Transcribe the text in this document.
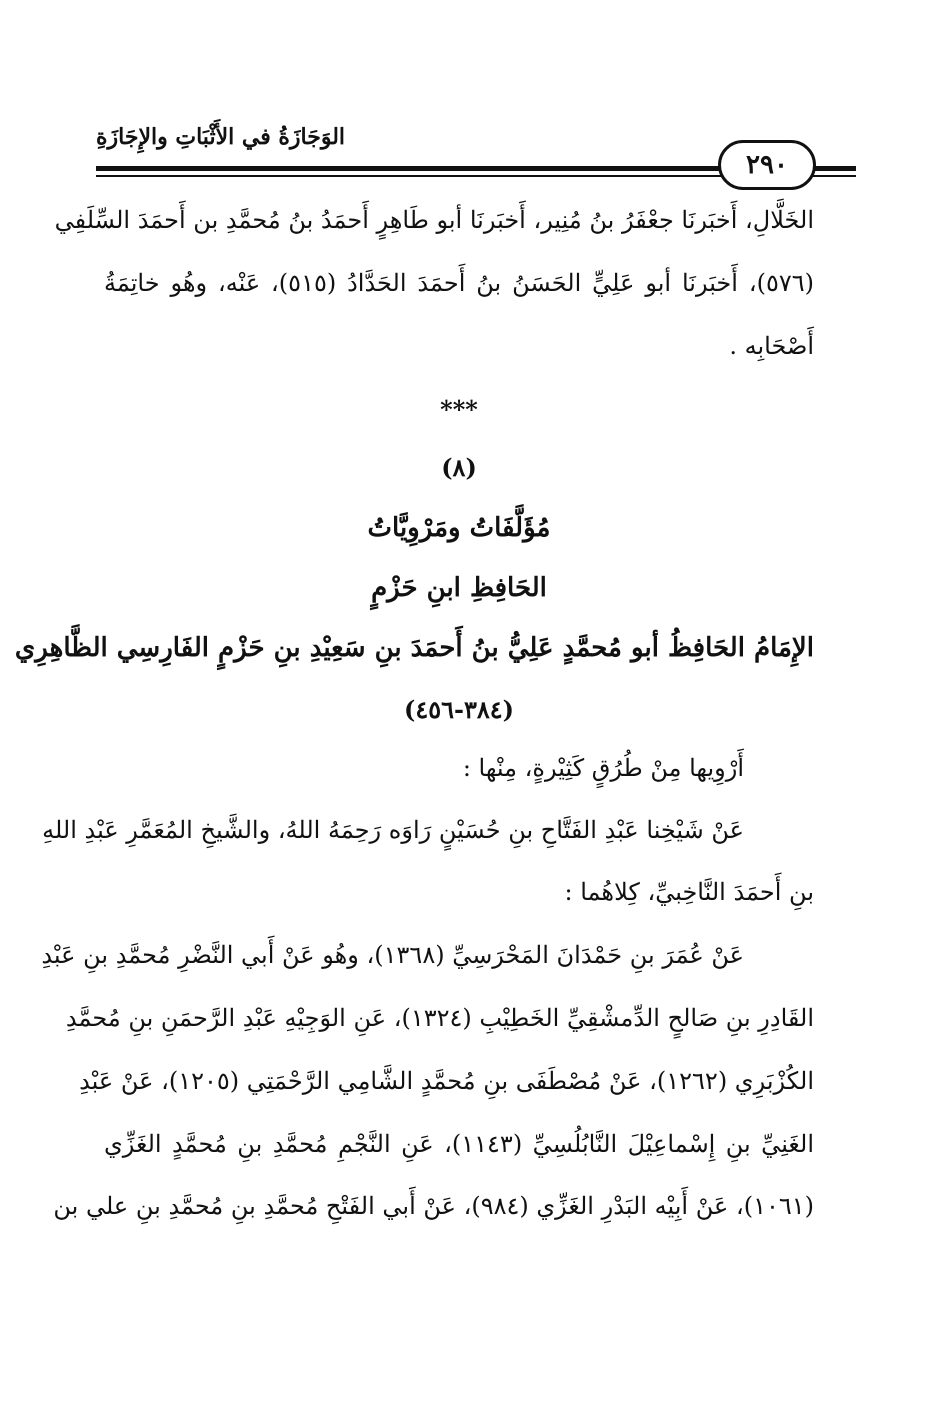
الوَجَازَةُ في الأَثْبَاتِ والإِجَازَةِ
٢٩٠
الخَلَّالِ، أَخبَرنَا جعْفَرُ بنُ مُنِير، أَخبَرنَا أبو طَاهِرٍ أَحمَدُ بنُ مُحمَّدِ بن أَحمَدَ السِّلَفِي
(٥٧٦)، أَخبَرنَا أبو عَلِيٍّ الحَسَنُ بنُ أَحمَدَ الحَدَّادُ (٥١٥)، عَنْه، وهُو خاتِمَةُ
أَصْحَابِه .
***
(٨)
مُؤَلَّفَاتُ ومَرْوِيَّاتُ
الحَافِظِ ابنِ حَزْمٍ
الإِمَامُ الحَافِظُ أبو مُحمَّدٍ عَلِيُّ بنُ أَحمَدَ بنِ سَعِيْدِ بنِ حَزْمٍ الفَارِسِي الظَّاهِرِي
(٣٨٤-٤٥٦)
أَرْوِيها مِنْ طُرُقٍ كَثِيْرةٍ، مِنْها :
عَنْ شَيْخِنا عَبْدِ الفَتَّاحِ بنِ حُسَيْنٍ رَاوَه رَحِمَهُ اللهُ، والشَّيخِ المُعَمَّرِ عَبْدِ اللهِ
بنِ أَحمَدَ النَّاخِبيِّ، كِلاهُما :
عَنْ عُمَرَ بنِ حَمْدَانَ المَحْرَسِيِّ (١٣٦٨)، وهُو عَنْ أَبي النَّضْرِ مُحمَّدِ بنِ عَبْدِ
القَادِرِ بنِ صَالحٍ الدِّمشْقِيِّ الخَطِيْبِ (١٣٢٤)، عَنِ الوَجِيْهِ عَبْدِ الرَّحمَنِ بنِ مُحمَّدِ
الكُزْبَرِي (١٢٦٢)، عَنْ مُصْطَفَى بنِ مُحمَّدٍ الشَّامِي الرَّحْمَتِي (١٢٠٥)، عَنْ عَبْدِ
الغَنِيِّ بنِ إِسْماعِيْلَ النَّابُلُسِيِّ (١١٤٣)، عَنِ النَّجْمِ مُحمَّدِ بنِ مُحمَّدٍ الغَزِّي
(١٠٦١)، عَنْ أَبِيْه البَدْرِ الغَزِّي (٩٨٤)، عَنْ أَبي الفَتْحِ مُحمَّدِ بنِ مُحمَّدِ بنِ علي بن
